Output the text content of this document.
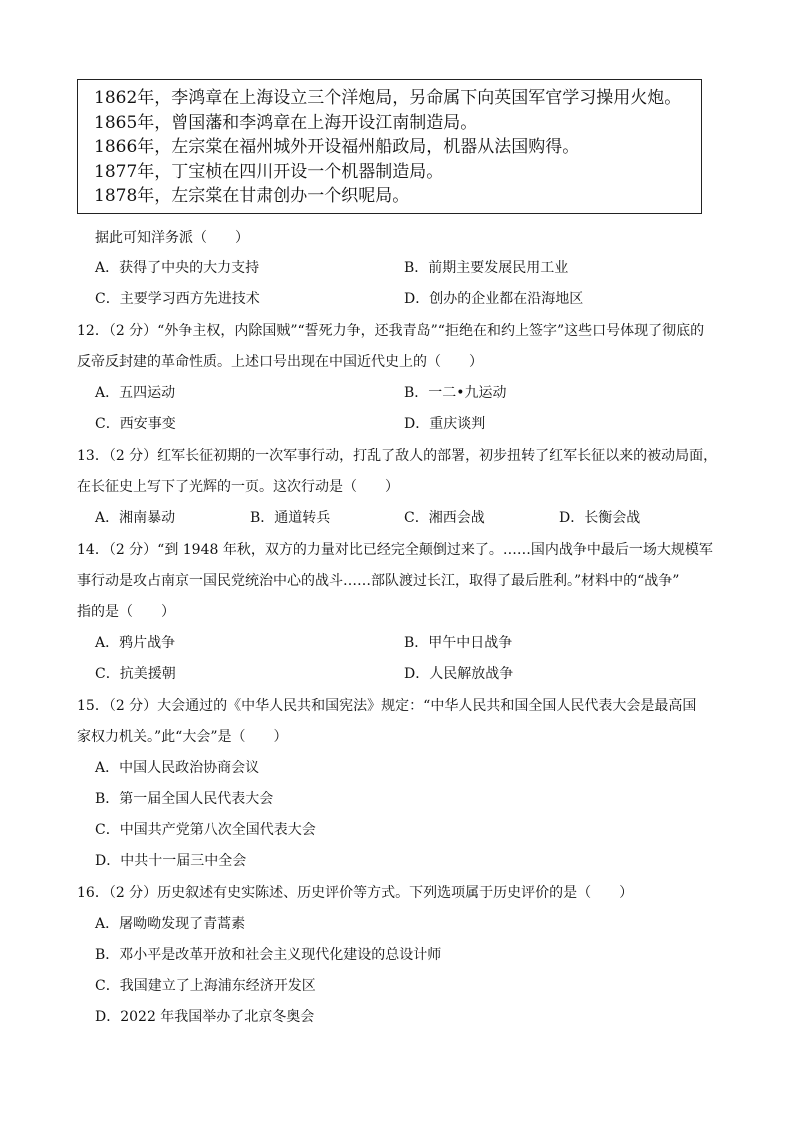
1862年，李鸿章在上海设立三个洋炮局，另命属下向英国军官学习操用火炮。
1865年，曾国藩和李鸿章在上海开设江南制造局。
1866年，左宗棠在福州城外开设福州船政局，机器从法国购得。
1877年，丁宝桢在四川开设一个机器制造局。
1878年，左宗棠在甘肃创办一个织呢局。
据此可知洋务派（　　）
A．获得了中央的大力支持	B．前期主要发展民用工业
C．主要学习西方先进技术	D．创办的企业都在沿海地区
12．（2 分）“外争主权，内除国贼”“誓死力争，还我青岛”“拒绝在和约上签字”这些口号体现了彻底的
反帝反封建的革命性质。上述口号出现在中国近代史上的（　　）
A．五四运动	B．一二•九运动
C．西安事变	D．重庆谈判
13．（2 分）红军长征初期的一次军事行动，打乱了敌人的部署，初步扭转了红军长征以来的被动局面，
在长征史上写下了光辉的一页。这次行动是（　　）
A．湘南暴动	B．通道转兵	C．湘西会战	D．长衡会战
14．（2 分）“到 1948 年秋，双方的力量对比已经完全颠倒过来了。……国内战争中最后一场大规模军
事行动是攻占南京一国民党统治中心的战斗……部队渡过长江，取得了最后胜利。”材料中的“战争”
指的是（　　）
A．鸦片战争	B．甲午中日战争
C．抗美援朝	D．人民解放战争
15．（2 分）大会通过的《中华人民共和国宪法》规定：“中华人民共和国全国人民代表大会是最高国
家权力机关。”此“大会”是（　　）
A．中国人民政治协商会议
B．第一届全国人民代表大会
C．中国共产党第八次全国代表大会
D．中共十一届三中全会
16．（2 分）历史叙述有史实陈述、历史评价等方式。下列选项属于历史评价的是（　　）
A．屠呦呦发现了青蒿素
B．邓小平是改革开放和社会主义现代化建设的总设计师
C．我国建立了上海浦东经济开发区
D．2022 年我国举办了北京冬奥会
